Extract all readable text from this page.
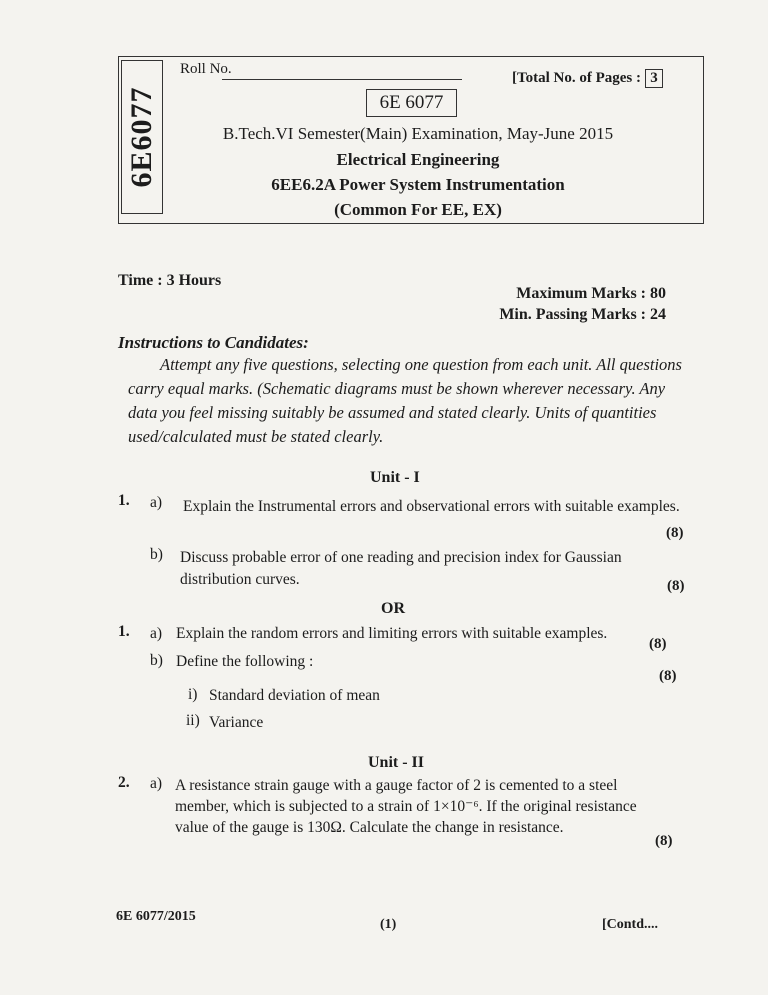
6E6077
Roll No.
[Total No. of Pages : 3
6E 6077
B.Tech.VI Semester(Main) Examination, May-June 2015
Electrical Engineering
6EE6.2A Power System Instrumentation
(Common For EE, EX)
Time : 3 Hours
Maximum Marks : 80
Min. Passing Marks : 24
Instructions to Candidates:
Attempt any five questions, selecting one question from each unit. All questions carry equal marks. (Schematic diagrams must be shown wherever necessary. Any data you feel missing suitably be assumed and stated clearly. Units of quantities used/calculated must be stated clearly.
Unit - I
1. a) Explain the Instrumental errors and observational errors with suitable examples.
(8)
b) Discuss probable error of one reading and precision index for Gaussian distribution curves.	(8)
OR
1. a) Explain the random errors and limiting errors with suitable examples.
(8)
b) Define the following :
(8)
i) Standard deviation of mean
ii) Variance
Unit - II
2. a) A resistance strain gauge with a gauge factor of 2 is cemented to a steel member, which is subjected to a strain of 1×10⁻⁶. If the original resistance value of the gauge is 130Ω. Calculate the change in resistance.
(8)
6E 6077/2015
(1)	[Contd....
